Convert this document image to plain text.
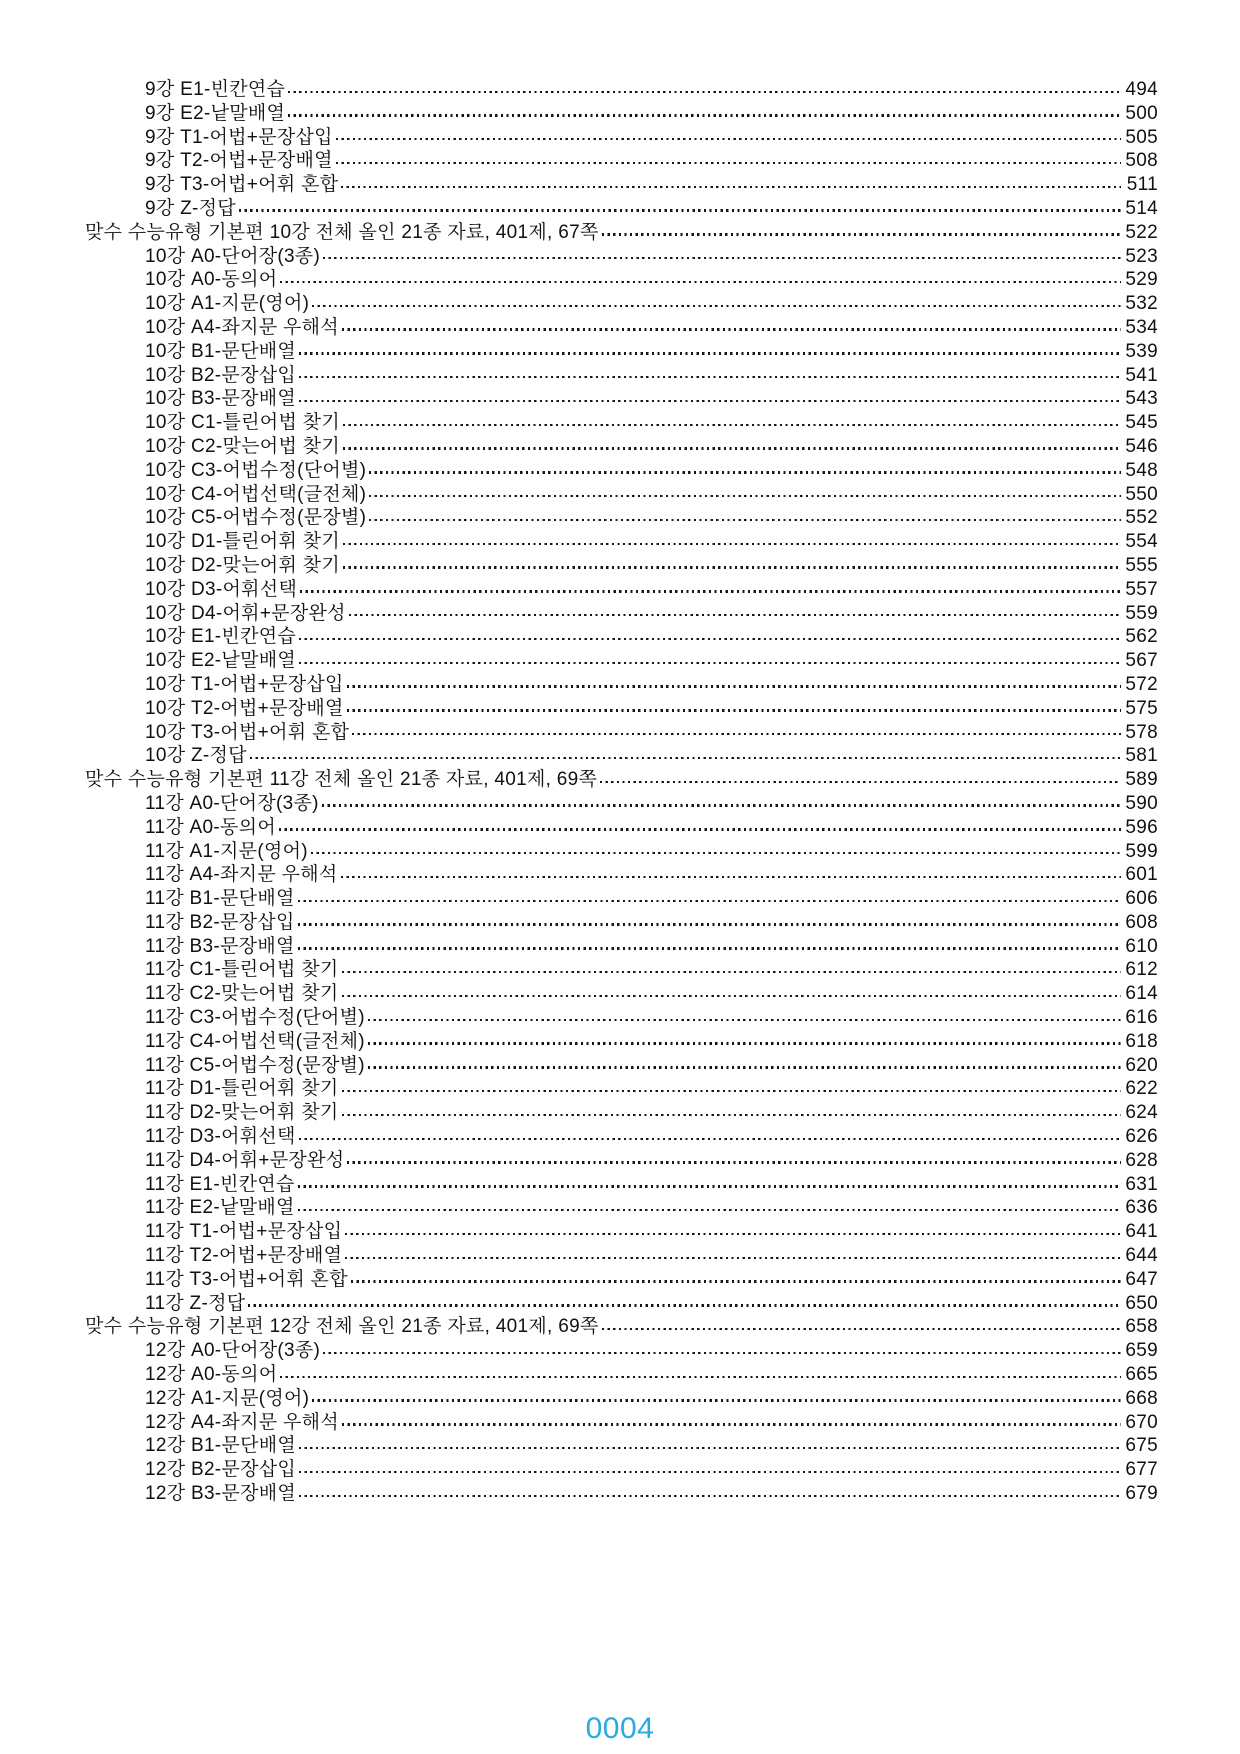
9강 E1-빈칸연습	494
9강 E2-낱말배열	500
9강 T1-어법+문장삽입	505
9강 T2-어법+문장배열	508
9강 T3-어법+어휘 혼합	511
9강 Z-정답	514
맞수 수능유형 기본편 10강 전체 올인 21종 자료, 401제, 67쪽	522
10강 A0-단어장(3종)	523
10강 A0-동의어	529
10강 A1-지문(영어)	532
10강 A4-좌지문 우해석	534
10강 B1-문단배열	539
10강 B2-문장삽입	541
10강 B3-문장배열	543
10강 C1-틀린어법 찾기	545
10강 C2-맞는어법 찾기	546
10강 C3-어법수정(단어별)	548
10강 C4-어법선택(글전체)	550
10강 C5-어법수정(문장별)	552
10강 D1-틀린어휘 찾기	554
10강 D2-맞는어휘 찾기	555
10강 D3-어휘선택	557
10강 D4-어휘+문장완성	559
10강 E1-빈칸연습	562
10강 E2-낱말배열	567
10강 T1-어법+문장삽입	572
10강 T2-어법+문장배열	575
10강 T3-어법+어휘 혼합	578
10강 Z-정답	581
맞수 수능유형 기본편 11강 전체 올인 21종 자료, 401제, 69쪽	589
11강 A0-단어장(3종)	590
11강 A0-동의어	596
11강 A1-지문(영어)	599
11강 A4-좌지문 우해석	601
11강 B1-문단배열	606
11강 B2-문장삽입	608
11강 B3-문장배열	610
11강 C1-틀린어법 찾기	612
11강 C2-맞는어법 찾기	614
11강 C3-어법수정(단어별)	616
11강 C4-어법선택(글전체)	618
11강 C5-어법수정(문장별)	620
11강 D1-틀린어휘 찾기	622
11강 D2-맞는어휘 찾기	624
11강 D3-어휘선택	626
11강 D4-어휘+문장완성	628
11강 E1-빈칸연습	631
11강 E2-낱말배열	636
11강 T1-어법+문장삽입	641
11강 T2-어법+문장배열	644
11강 T3-어법+어휘 혼합	647
11강 Z-정답	650
맞수 수능유형 기본편 12강 전체 올인 21종 자료, 401제, 69쪽	658
12강 A0-단어장(3종)	659
12강 A0-동의어	665
12강 A1-지문(영어)	668
12강 A4-좌지문 우해석	670
12강 B1-문단배열	675
12강 B2-문장삽입	677
12강 B3-문장배열	679
0004
